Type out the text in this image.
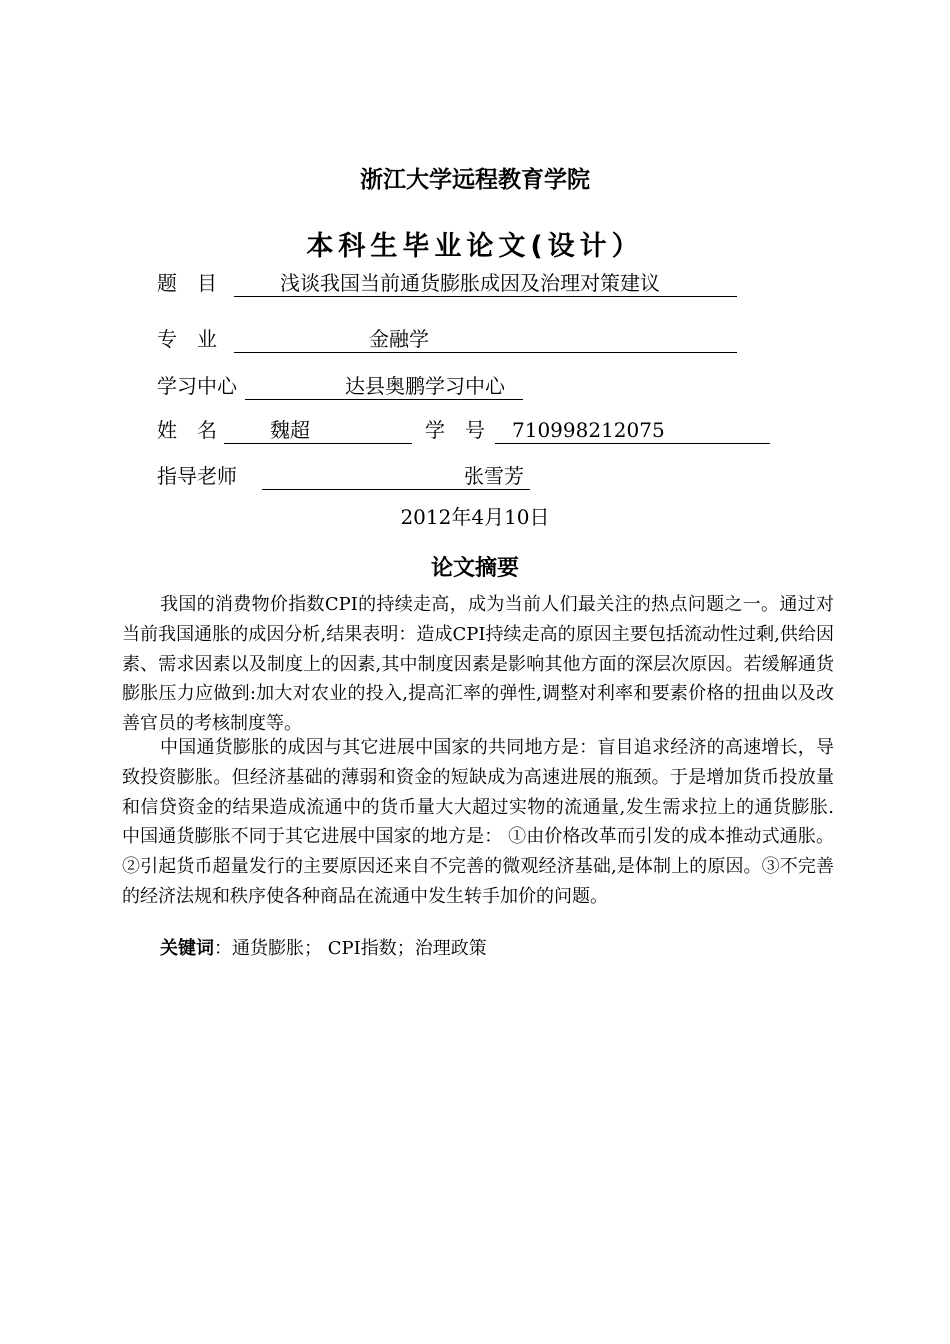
浙江大学远程教育学院
本科生毕业论文(设计）
题　目	浅谈我国当前通货膨胀成因及治理对策建议
专　业	金融学
学习中心	达县奥鹏学习中心
姓　名	魏超	学　号 710998212075
指导老师	张雪芳
2012年4月10日
论文摘要
我国的消费物价指数CPI的持续走高，成为当前人们最关注的热点问题之一。通过对当前我国通胀的成因分析,结果表明：造成CPI持续走高的原因主要包括流动性过剩,供给因素、需求因素以及制度上的因素,其中制度因素是影响其他方面的深层次原因。若缓解通货膨胀压力应做到:加大对农业的投入,提高汇率的弹性,调整对利率和要素价格的扭曲以及改善官员的考核制度等。
中国通货膨胀的成因与其它进展中国家的共同地方是：盲目追求经济的高速增长，导致投资膨胀。但经济基础的薄弱和资金的短缺成为高速进展的瓶颈。于是增加货币投放量和信贷资金的结果造成流通中的货币量大大超过实物的流通量,发生需求拉上的通货膨胀. 中国通货膨胀不同于其它进展中国家的地方是： ①由价格改革而引发的成本推动式通胀。②引起货币超量发行的主要原因还来自不完善的微观经济基础,是体制上的原因。③不完善的经济法规和秩序使各种商品在流通中发生转手加价的问题。
关键词：通货膨胀； CPI指数；治理政策
